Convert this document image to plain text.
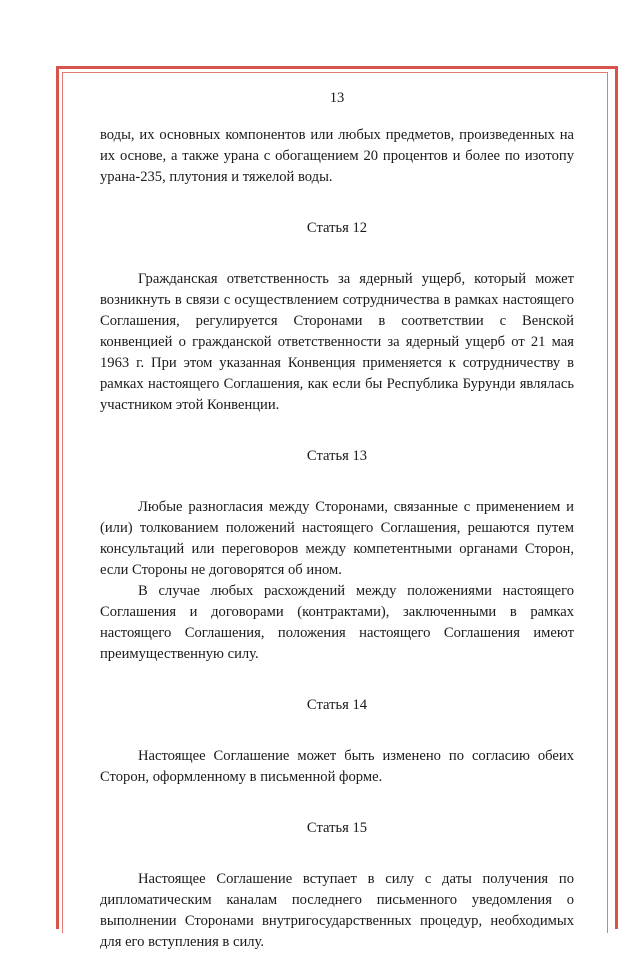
13

воды, их основных компонентов или любых предметов, произведенных на их основе, а также урана с обогащением 20 процентов и более по изотопу урана-235, плутония и тяжелой воды.

Статья 12

Гражданская ответственность за ядерный ущерб, который может возникнуть в связи с осуществлением сотрудничества в рамках настоящего Соглашения, регулируется Сторонами в соответствии с Венской конвенцией о гражданской ответственности за ядерный ущерб от 21 мая 1963 г. При этом указанная Конвенция применяется к сотрудничеству в рамках настоящего Соглашения, как если бы Республика Бурунди являлась участником этой Конвенции.

Статья 13

Любые разногласия между Сторонами, связанные с применением и (или) толкованием положений настоящего Соглашения, решаются путем консультаций или переговоров между компетентными органами Сторон, если Стороны не договорятся об ином.

В случае любых расхождений между положениями настоящего Соглашения и договорами (контрактами), заключенными в рамках настоящего Соглашения, положения настоящего Соглашения имеют преимущественную силу.

Статья 14

Настоящее Соглашение может быть изменено по согласию обеих Сторон, оформленному в письменной форме.

Статья 15

Настоящее Соглашение вступает в силу с даты получения по дипломатическим каналам последнего письменного уведомления о выполнении Сторонами внутригосударственных процедур, необходимых для его вступления в силу.
